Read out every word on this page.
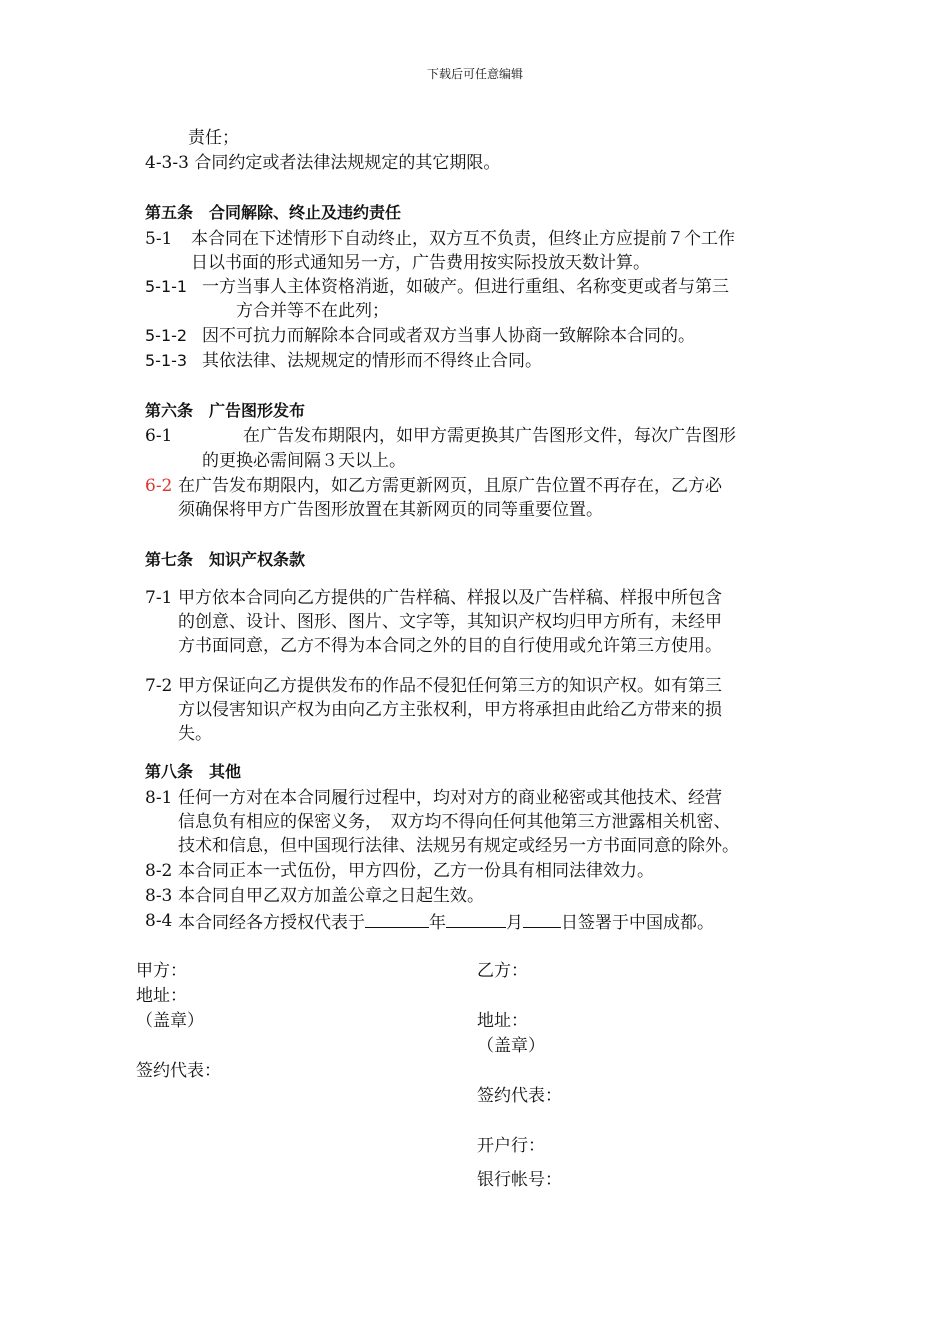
下载后可任意编辑
责任；
4-3-3 合同约定或者法律法规规定的其它期限。
第五条　合同解除、终止及违约责任
5-1 本合同在下述情形下自动终止，双方互不负责，但终止方应提前７个工作
日以书面的形式通知另一方，广告费用按实际投放天数计算。
5-1-1 一方当事人主体资格消逝，如破产。但进行重组、名称变更或者与第三
方合并等不在此列；
5-1-2 因不可抗力而解除本合同或者双方当事人协商一致解除本合同的。
5-1-3 其依法律、法规规定的情形而不得终止合同。
第六条　广告图形发布
6-1	在广告发布期限内，如甲方需更换其广告图形文件，每次广告图形
的更换必需间隔３天以上。
6-2 在广告发布期限内，如乙方需更新网页，且原广告位置不再存在，乙方必
须确保将甲方广告图形放置在其新网页的同等重要位置。
第七条　知识产权条款
7-1 甲方依本合同向乙方提供的广告样稿、样报以及广告样稿、样报中所包含
的创意、设计、图形、图片、文字等，其知识产权均归甲方所有，未经甲
方书面同意，乙方不得为本合同之外的目的自行使用或允许第三方使用。
7-2 甲方保证向乙方提供发布的作品不侵犯任何第三方的知识产权。如有第三
方以侵害知识产权为由向乙方主张权利，甲方将承担由此给乙方带来的损
失。
第八条　其他
8-1 任何一方对在本合同履行过程中，均对对方的商业秘密或其他技术、经营
信息负有相应的保密义务，　双方均不得向任何其他第三方泄露相关机密、
技术和信息，但中国现行法律、法规另有规定或经另一方书面同意的除外。
8-2 本合同正本一式伍份，甲方四份，乙方一份具有相同法律效力。
8-3 本合同自甲乙双方加盖公章之日起生效。
8-4 本合同经各方授权代表于	年	月 日签署于中国成都。
甲方：
地址：
（盖章）
签约代表：
乙方：
地址：
（盖章）
签约代表：
开户行：
银行帐号：
